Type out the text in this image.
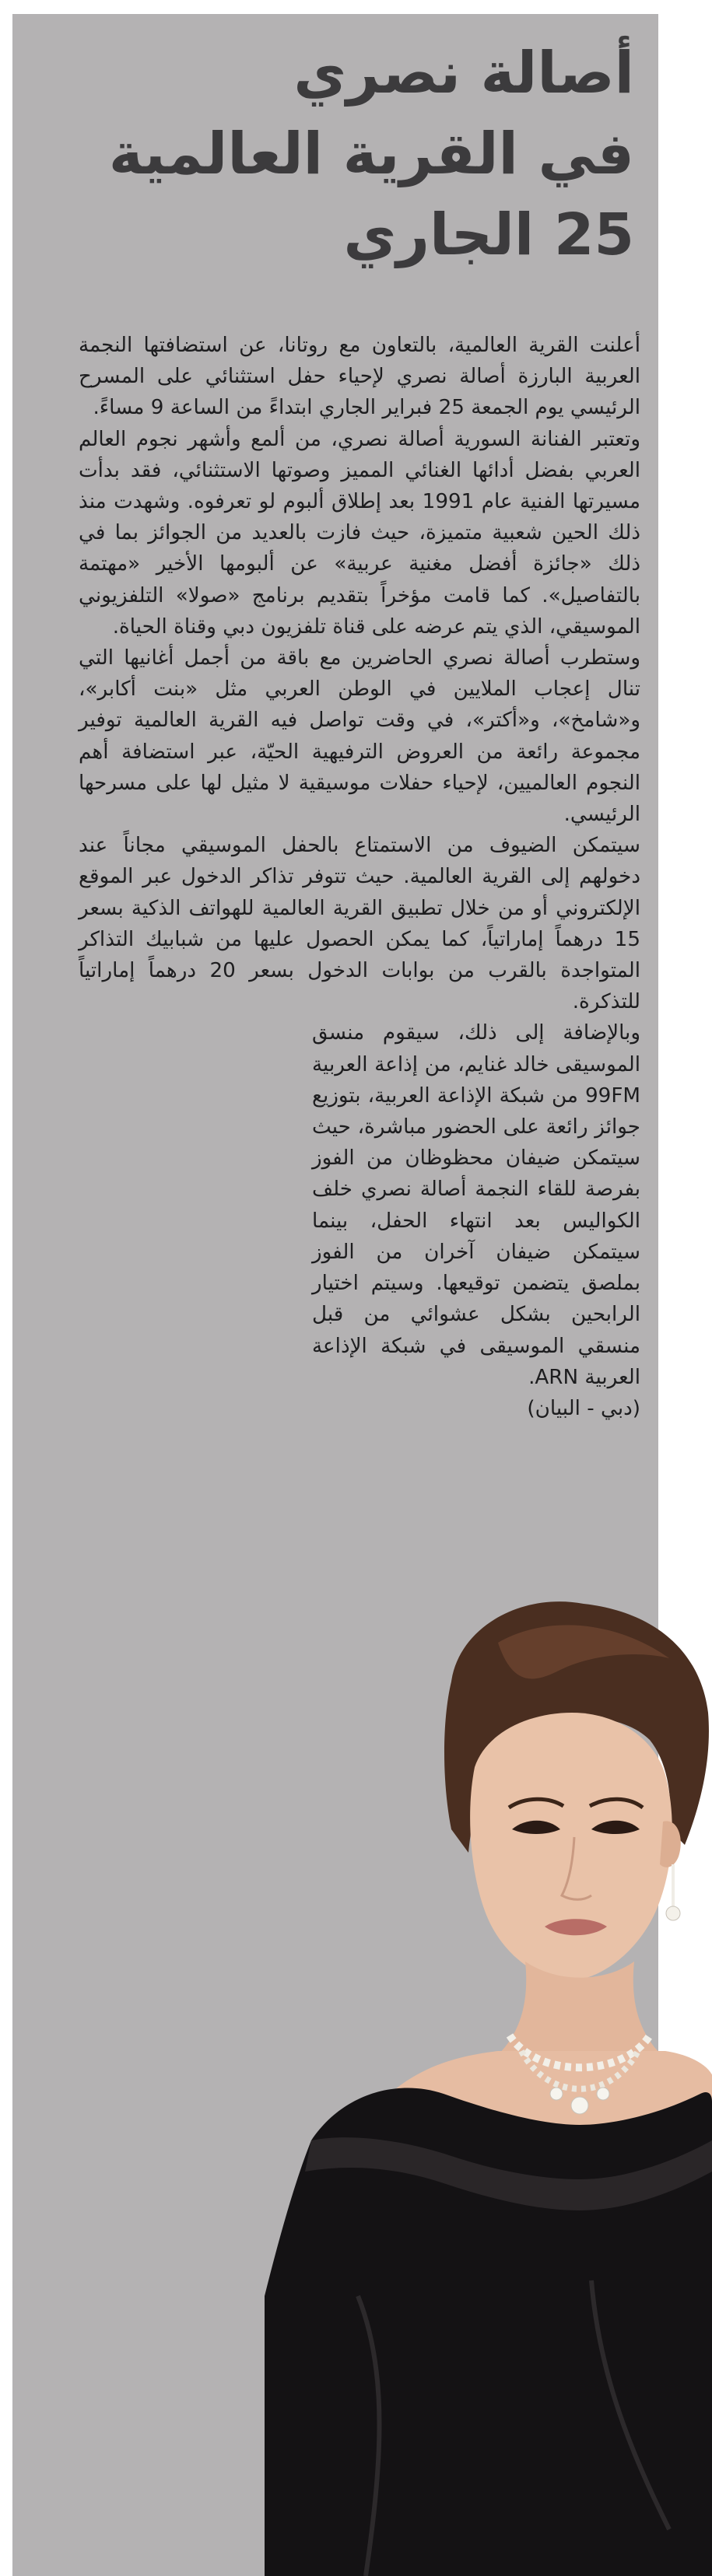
أصالة نصري
في القرية العالمية
25 الجاري

أعلنت القرية العالمية، بالتعاون مع روتانا، عن استضافتها النجمة العربية البارزة أصالة نصري لإحياء حفل استثنائي على المسرح الرئيسي يوم الجمعة 25 فبراير الجاري ابتداءً من الساعة 9 مساءً.

وتعتبر الفنانة السورية أصالة نصري، من ألمع وأشهر نجوم العالم العربي بفضل أدائها الغنائي المميز وصوتها الاستثنائي، فقد بدأت مسيرتها الفنية عام 1991 بعد إطلاق ألبوم لو تعرفوه. وشهدت منذ ذلك الحين شعبية متميزة، حيث فازت بالعديد من الجوائز بما في ذلك «جائزة أفضل مغنية عربية» عن ألبومها الأخير «مهتمة بالتفاصيل». كما قامت مؤخراً بتقديم برنامج «صولا» التلفزيوني الموسيقي، الذي يتم عرضه على قناة تلفزيون دبي وقناة الحياة.

وستطرب أصالة نصري الحاضرين مع باقة من أجمل أغانيها التي تنال إعجاب الملايين في الوطن العربي مثل «بنت أكابر»، و«شامخ»، و«أكتر»، في وقت تواصل فيه القرية العالمية توفير مجموعة رائعة من العروض الترفيهية الحيّة، عبر استضافة أهم النجوم العالميين، لإحياء حفلات موسيقية لا مثيل لها على مسرحها الرئيسي.

سيتمكن الضيوف من الاستمتاع بالحفل الموسيقي مجاناً عند دخولهم إلى القرية العالمية. حيث تتوفر تذاكر الدخول عبر الموقع الإلكتروني أو من خلال تطبيق القرية العالمية للهواتف الذكية بسعر 15 درهماً إماراتياً، كما يمكن الحصول عليها من شبابيك التذاكر المتواجدة بالقرب من بوابات الدخول بسعر 20 درهماً إماراتياً للتذكرة.

وبالإضافة إلى ذلك، سيقوم منسق الموسيقى خالد غنايم، من إذاعة العربية 99FM من شبكة الإذاعة العربية، بتوزيع جوائز رائعة على الحضور مباشرة، حيث سيتمكن ضيفان محظوظان من الفوز بفرصة للقاء النجمة أصالة نصري خلف الكواليس بعد انتهاء الحفل، بينما سيتمكن ضيفان آخران من الفوز بملصق يتضمن توقيعها. وسيتم اختيار الرابحين بشكل عشوائي من قبل منسقي الموسيقى في شبكة الإذاعة العربية ARN.

(دبي - البيان)
